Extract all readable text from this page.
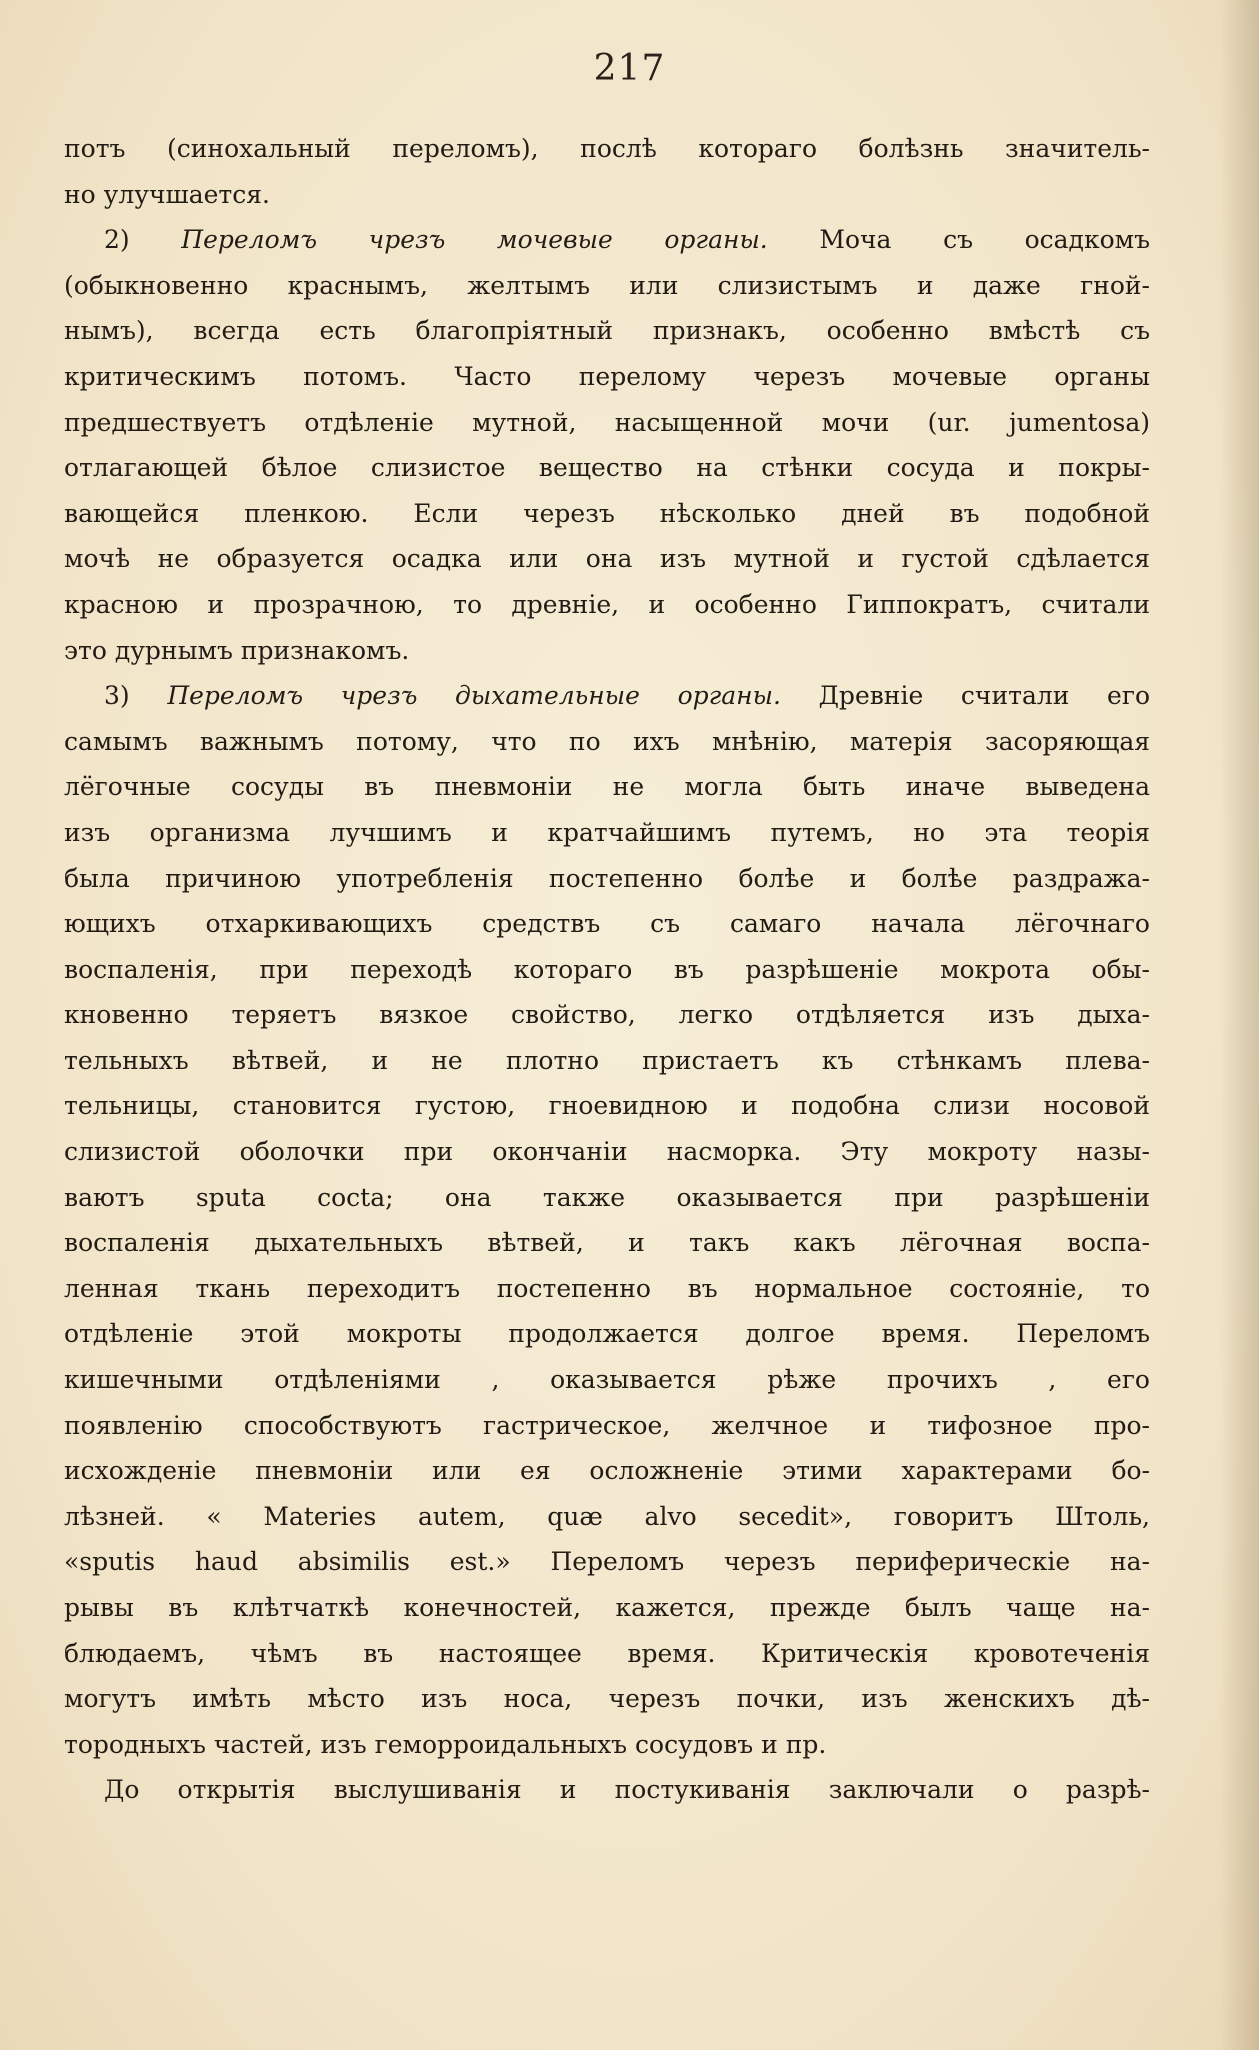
217
потъ (синохальный переломъ), послѣ котораго болѣзнь значитель-
но улучшается.
2) Переломъ чрезъ мочевые органы. Моча съ осадкомъ
(обыкновенно краснымъ, желтымъ или слизистымъ и даже гной-
нымъ), всегда есть благопріятный признакъ, особенно вмѣстѣ съ
критическимъ потомъ. Часто перелому черезъ мочевые органы
предшествуетъ отдѣленіе мутной, насыщенной мочи (ur. jumentosa)
отлагающей бѣлое слизистое вещество на стѣнки сосуда и покры-
вающейся пленкою. Если черезъ нѣсколько дней въ подобной
мочѣ не образуется осадка или она изъ мутной и густой сдѣлается
красною и прозрачною, то древніе, и особенно Гиппократъ, считали
это дурнымъ признакомъ.
3) Переломъ чрезъ дыхательные органы. Древніе считали его
самымъ важнымъ потому, что по ихъ мнѣнію, матерія засоряющая
лёгочные сосуды въ пневмоніи не могла быть иначе выведена
изъ организма лучшимъ и кратчайшимъ путемъ, но эта теорія
была причиною употребленія постепенно болѣе и болѣе раздража-
ющихъ отхаркивающихъ средствъ съ самаго начала лёгочнаго
воспаленія, при переходѣ котораго въ разрѣшеніе мокрота обы-
кновенно теряетъ вязкое свойство, легко отдѣляется изъ дыха-
тельныхъ вѣтвей, и не плотно пристаетъ къ стѣнкамъ плева-
тельницы, становится густою, гноевидною и подобна слизи носовой
слизистой оболочки при окончаніи насморка. Эту мокроту назы-
ваютъ sputa cocta; она также оказывается при разрѣшеніи
воспаленія дыхательныхъ вѣтвей, и такъ какъ лёгочная воспа-
ленная ткань переходитъ постепенно въ нормальное состояніе, то
отдѣленіе этой мокроты продолжается долгое время. Переломъ
кишечными отдѣленіями , оказывается рѣже прочихъ , его
появленію способствуютъ гастрическое, желчное и тифозное про-
исхожденіе пневмоніи или ея осложненіе этими характерами бо-
лѣзней. « Materies autem, quæ alvo secedit», говоритъ Штоль,
«sputis haud absimilis est.» Переломъ черезъ периферическіе на-
рывы въ клѣтчаткѣ конечностей, кажется, прежде былъ чаще на-
блюдаемъ, чѣмъ въ настоящее время. Критическія кровотеченія
могутъ имѣть мѣсто изъ носа, черезъ почки, изъ женскихъ дѣ-
тородныхъ частей, изъ геморроидальныхъ сосудовъ и пр.
До открытія выслушиванія и постукиванія заключали о разрѣ-
